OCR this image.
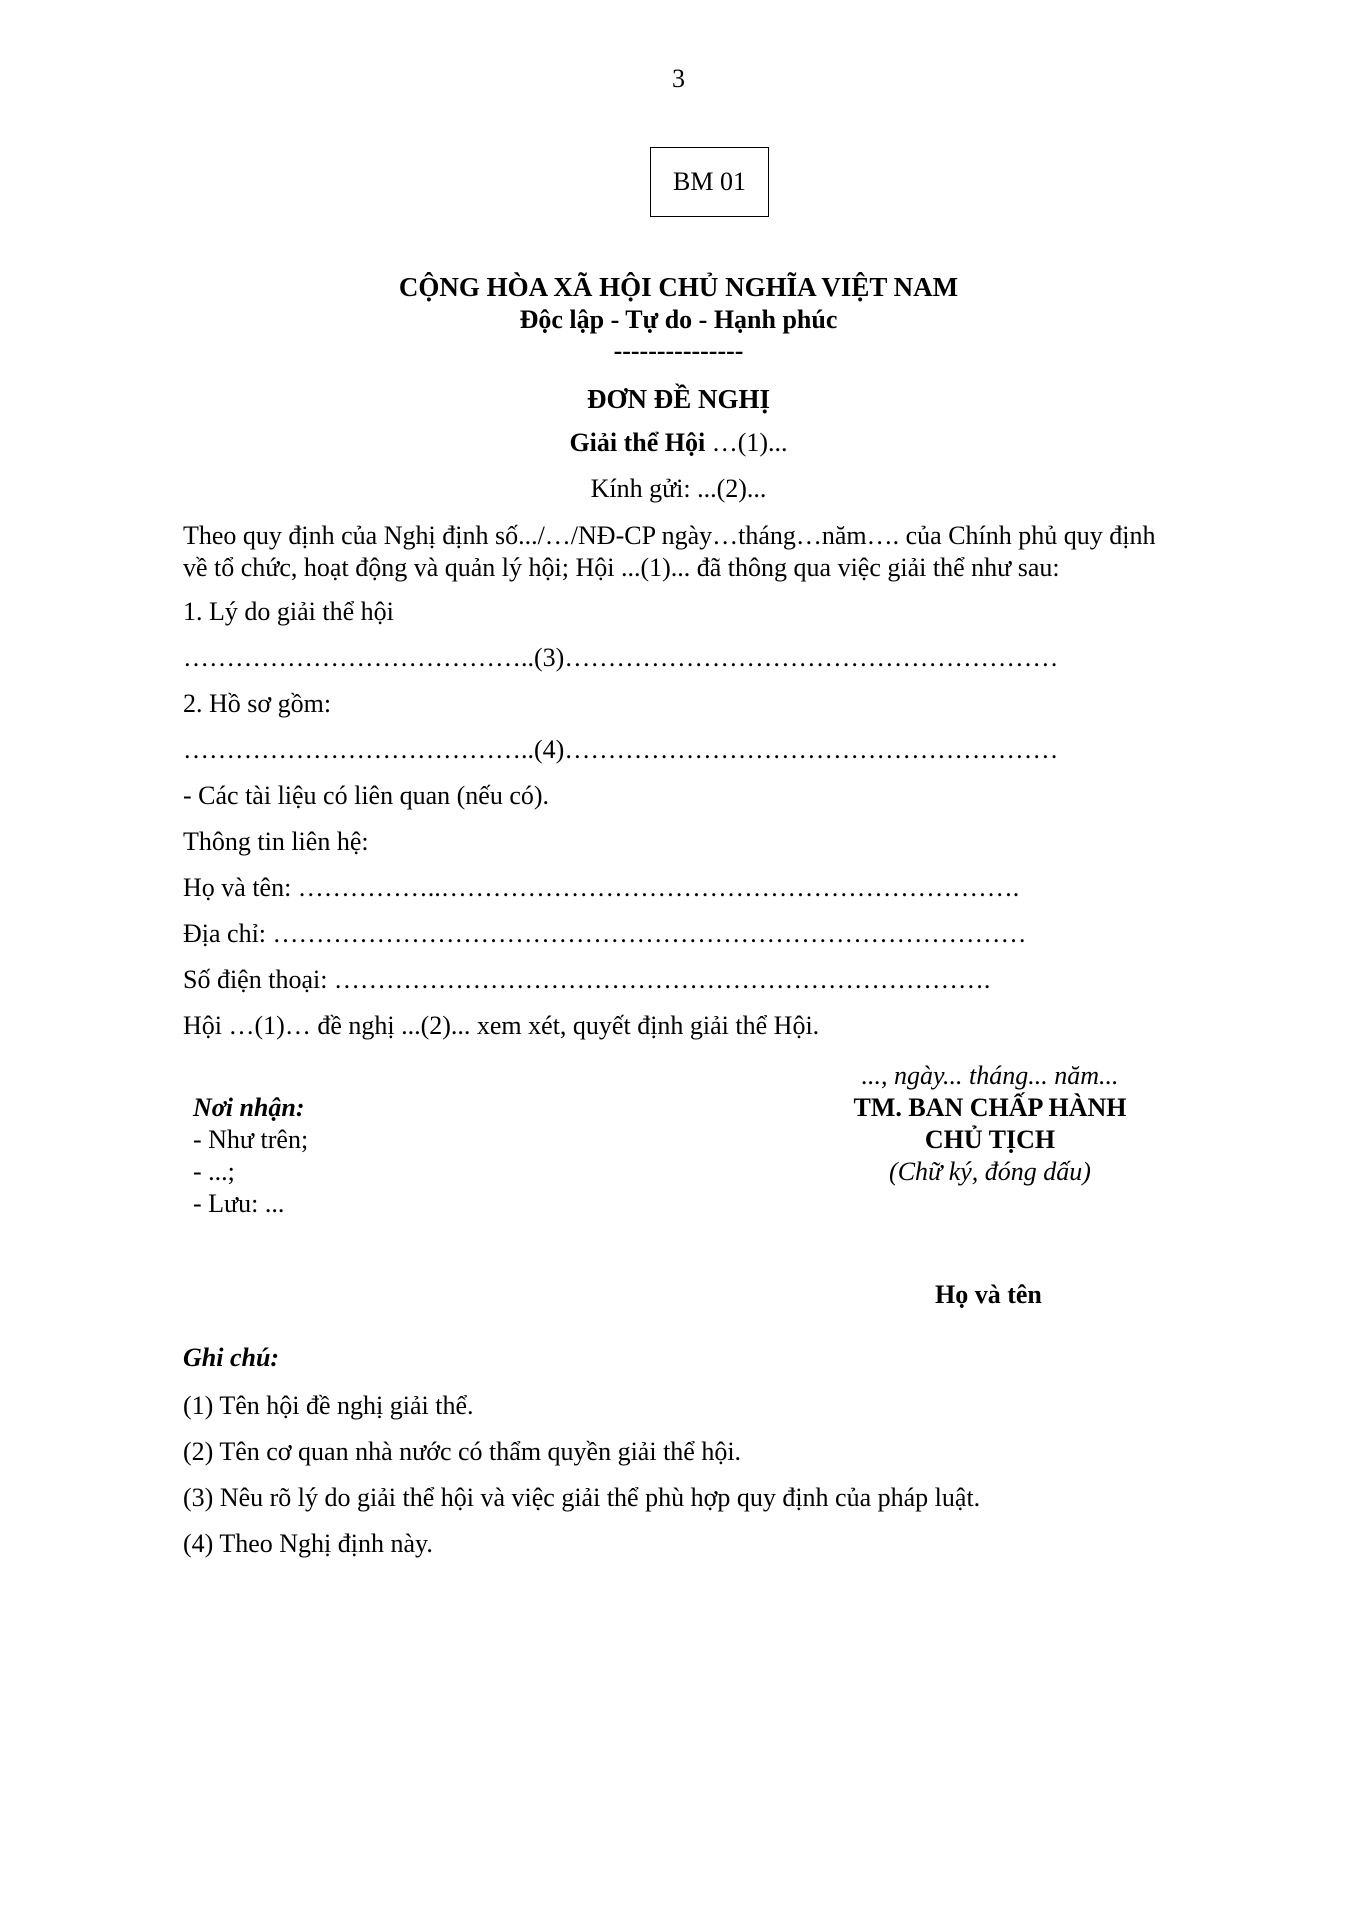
3
BM 01
CỘNG HÒA XÃ HỘI CHỦ NGHĨA VIỆT NAM
Độc lập - Tự do - Hạnh phúc
---------------
ĐƠN ĐỀ NGHỊ
Giải thể Hội …(1)...
Kính gửi: ...(2)...
Theo quy định của Nghị định số.../…/NĐ-CP ngày…tháng…năm…. của Chính phủ quy định
về tổ chức, hoạt động và quản lý hội; Hội ...(1)... đã thông qua việc giải thể như sau:
1. Lý do giải thể hội
…………………………………..(3)…………………………………………………
2. Hồ sơ gồm:
…………………………………..(4)…………………………………………………
- Các tài liệu có liên quan (nếu có).
Thông tin liên hệ:
Họ và tên: ……………..………………………………………………………….
Địa chỉ: ……………………………………………………………………………
Số điện thoại: ………………………………………………………………….
Hội …(1)… đề nghị ...(2)... xem xét, quyết định giải thể Hội.
Nơi nhận:
- Như trên;
- ...;
- Lưu: ...
..., ngày... tháng... năm...
TM. BAN CHẤP HÀNH
CHỦ TỊCH
(Chữ ký, đóng dấu)
Họ và tên
Ghi chú:
(1) Tên hội đề nghị giải thể.
(2) Tên cơ quan nhà nước có thẩm quyền giải thể hội.
(3) Nêu rõ lý do giải thể hội và việc giải thể phù hợp quy định của pháp luật.
(4) Theo Nghị định này.
